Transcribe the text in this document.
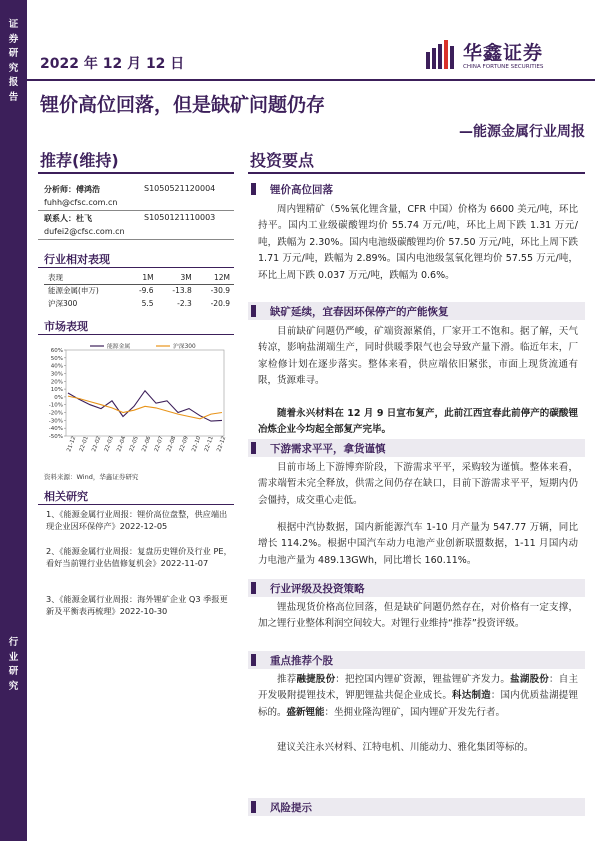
证
券
研
究
报
告
行
业
研
究
2022 年 12 月 12 日	华鑫证券
CHINA FORTUNE SECURITIES
锂价高位回落，但是缺矿问题仍存
—能源金属行业周报
推荐(维持)	投资要点
分析师：傅鸿浩	S1050521120004
fuhh@cfsc.com.cn
联系人：杜飞	S1050121110003
dufei2@cfsc.com.cn
行业相对表现
表现	1M	3M	12M
能源金属(申万)	-9.6	-13.8	-30.9
沪深300	5.5	-2.3	-20.9
市场表现
60%
50%
40%
30%
20%
10%
0%
-10%
-20%
-30%
-40%
-50% 21-12 22-01 22-02 22-03 22-04 22-05 22-06 22-07 22-08 22-09 22-10 22-11 22-12
能源金属	沪深300
资料来源：Wind，华鑫证券研究
相关研究
1、《能源金属行业周报：锂价高位盘整，供应端出现企业因环保停产》2022-12-05
2、《能源金属行业周报：复盘历史锂价及行业 PE，看好当前锂行业估值修复机会》2022-11-07
3、《能源金属行业周报：海外锂矿企业 Q3 季报更新及平衡表再梳理》2022-10-30
锂价高位回落
周内锂精矿（5%氧化锂含量，CFR 中国）价格为 6600 美元/吨，环比持平。国内工业级碳酸锂均价 55.74 万元/吨，环比上周下跌 1.31 万元/吨，跌幅为 2.30%。国内电池级碳酸锂均价 57.50 万元/吨，环比上周下跌 1.71 万元/吨，跌幅为 2.89%。国内电池级氢氧化锂均价 57.55 万元/吨，环比上周下跌 0.037 万元/吨，跌幅为 0.6%。
缺矿延续，宜春因环保停产的产能恢复
目前缺矿问题仍严峻，矿端资源紧俏，厂家开工不饱和。据了解，天气转凉，影响盐湖端生产，同时供暖季限气也会导致产量下滑。临近年末，厂家检修计划在逐步落实。整体来看，供应端依旧紧张，市面上现货流通有限，货源难寻。
随着永兴材料在 12 月 9 日宣布复产，此前江西宜春此前停产的碳酸锂冶炼企业今均起全部复产完毕。
下游需求平平，拿货谨慎
目前市场上下游博弈阶段，下游需求平平，采购较为谨慎。整体来看，需求端暂未完全释放，供需之间仍存在缺口，目前下游需求平平，短期内仍会僵持，成交重心走低。
根据中汽协数据，国内新能源汽车 1-10 月产量为 547.77 万辆，同比增长 114.2%。根据中国汽车动力电池产业创新联盟数据，1-11 月国内动力电池产量为 489.13GWh，同比增长 160.11%。
行业评级及投资策略
锂盐现货价格高位回落，但是缺矿问题仍然存在，对价格有一定支撑，加之锂行业整体利润空间较大。对锂行业维持“推荐”投资评级。
重点推荐个股
推荐融捷股份：把控国内锂矿资源，锂盐锂矿齐发力。盐湖股份：自主开发吸附提锂技术，钾肥锂盐共促企业成长。科达制造：国内优质盐湖提锂标的。盛新锂能：坐拥业隆沟锂矿，国内锂矿开发先行者。
建议关注永兴材料、江特电机、川能动力、雅化集团等标的。
风险提示
